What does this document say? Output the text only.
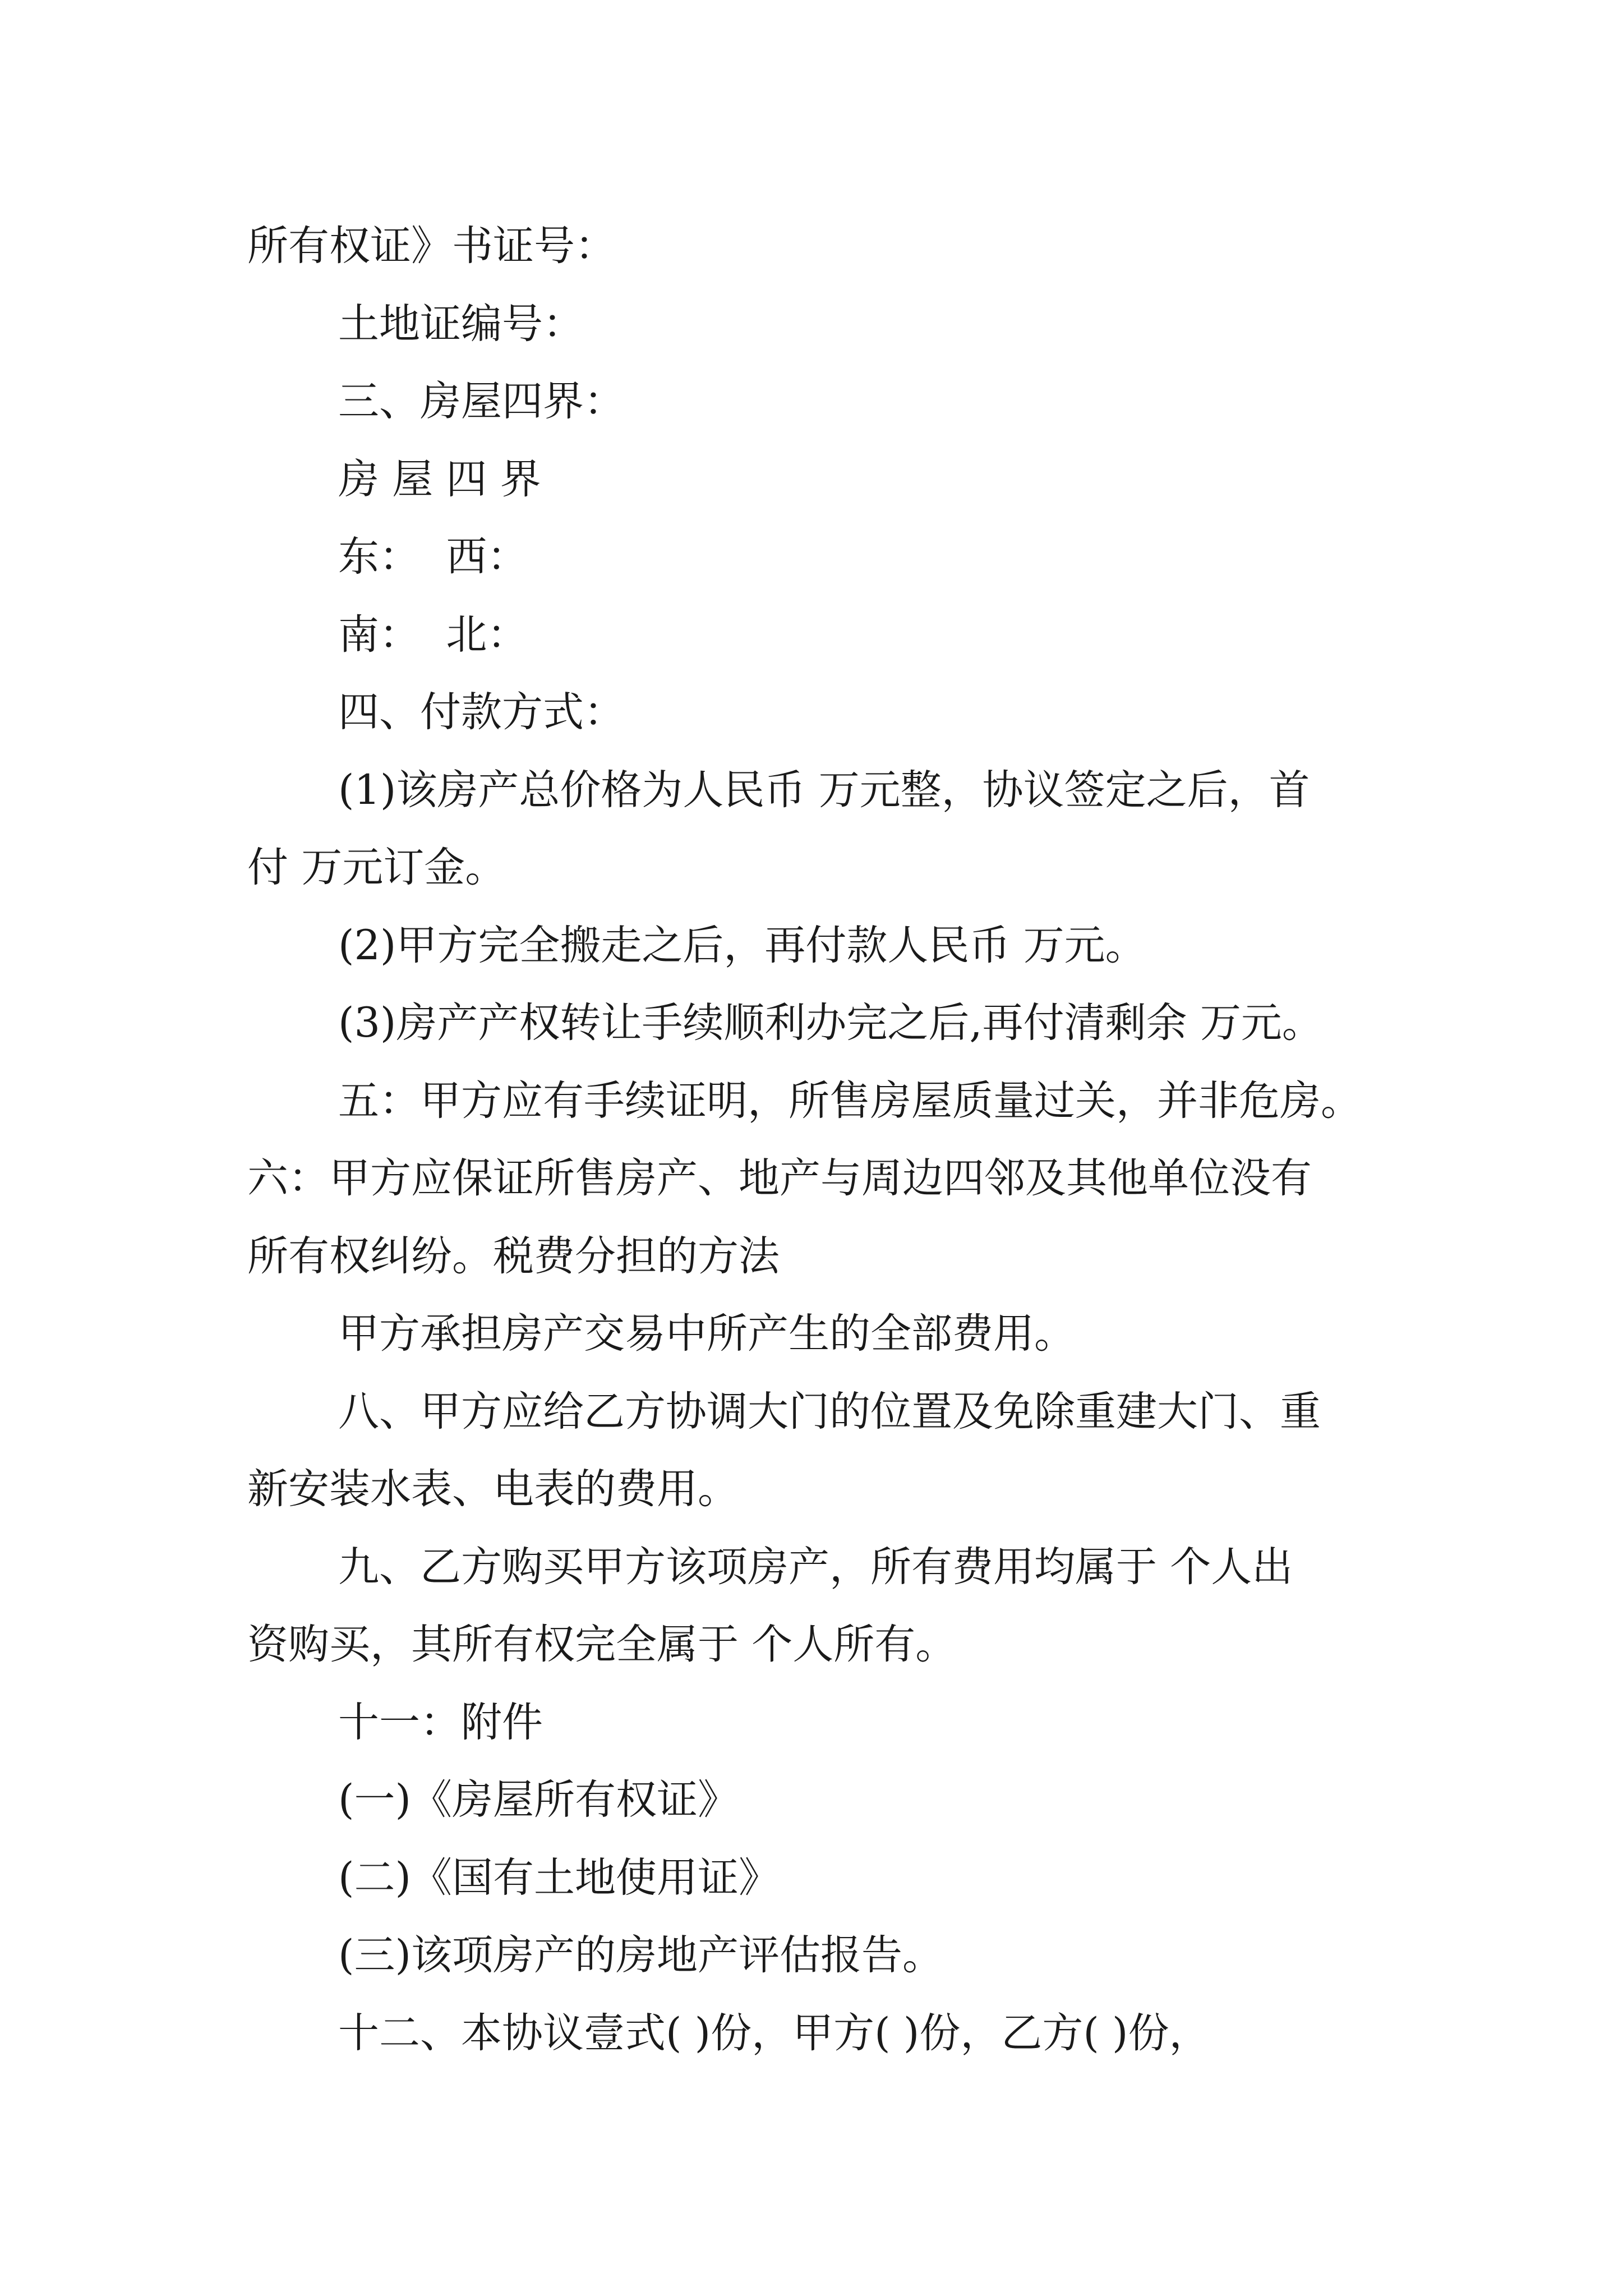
所有权证》书证号：
土地证编号：
三、房屋四界：
房 屋 四 界
东：  西：
南：  北：
四、付款方式：
(1)该房产总价格为人民币 万元整，协议签定之后，首
付 万元订金。
(2)甲方完全搬走之后，再付款人民币 万元。
(3)房产产权转让手续顺利办完之后,再付清剩余 万元。
五：甲方应有手续证明，所售房屋质量过关，并非危房。
六：甲方应保证所售房产、地产与周边四邻及其他单位没有
所有权纠纷。税费分担的方法
甲方承担房产交易中所产生的全部费用。
八、甲方应给乙方协调大门的位置及免除重建大门、重
新安装水表、电表的费用。
九、乙方购买甲方该项房产，所有费用均属于 个人出
资购买，其所有权完全属于 个人所有。
十一：附件
(一)《房屋所有权证》
(二)《国有土地使用证》
(三)该项房产的房地产评估报告。
十二、本协议壹式( )份，甲方( )份，乙方( )份，
